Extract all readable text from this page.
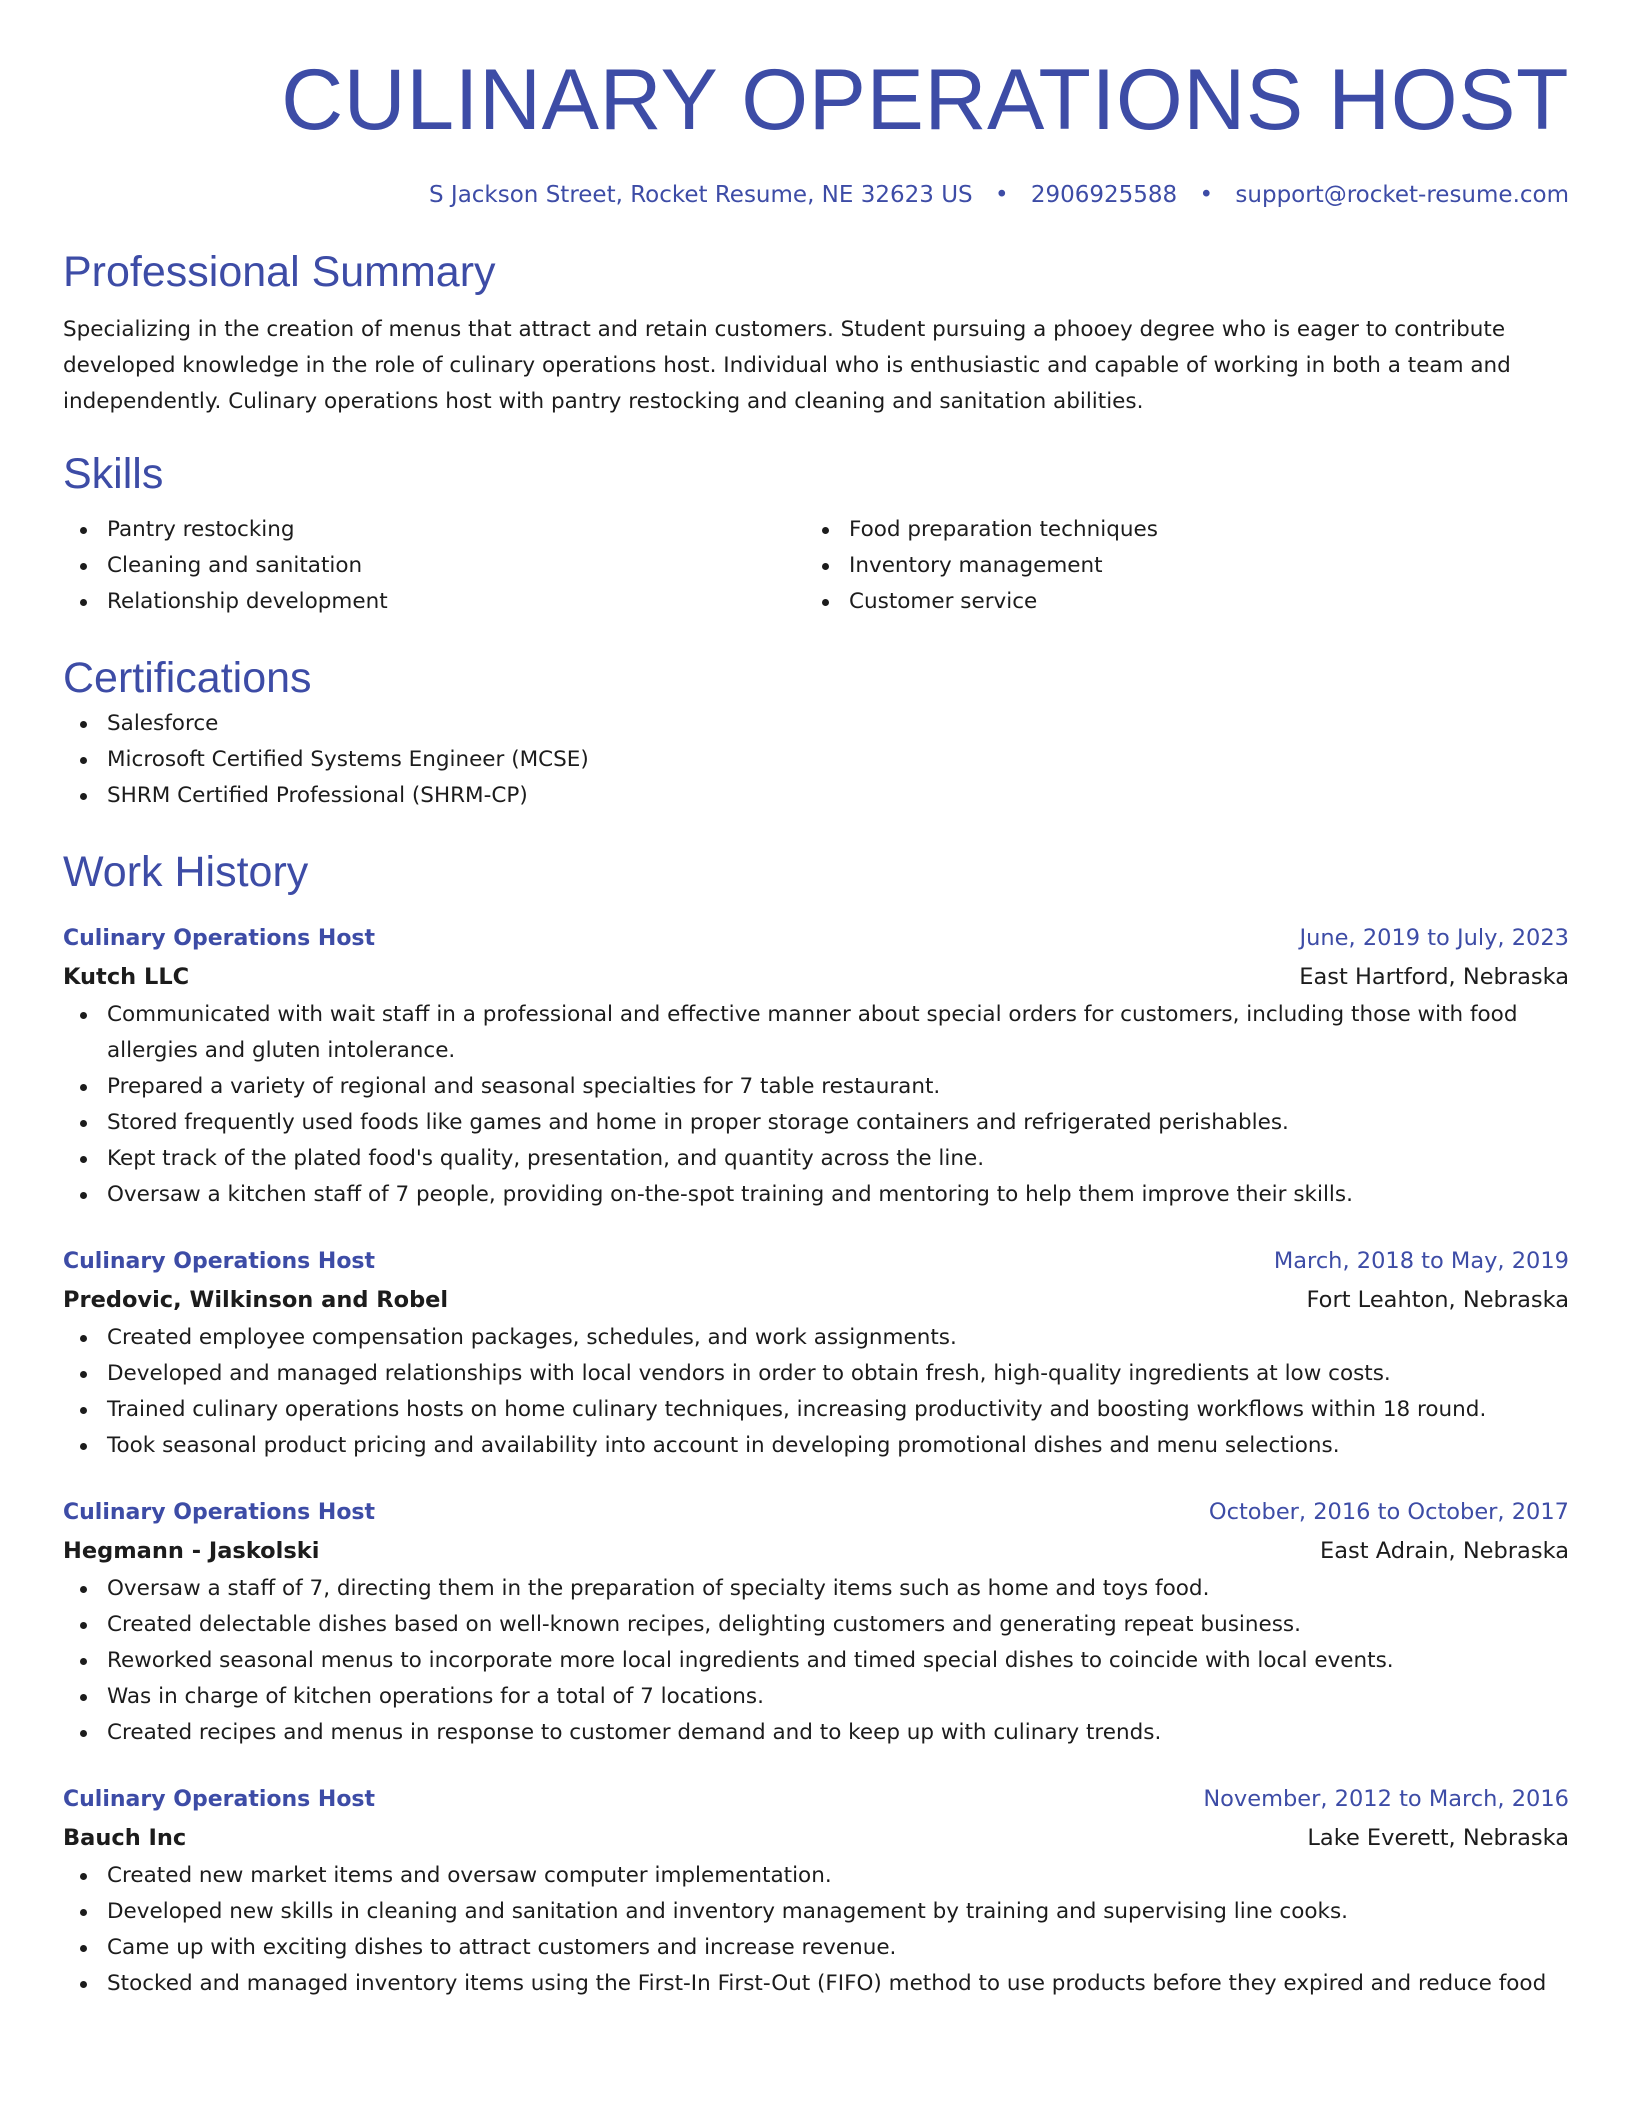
CULINARY OPERATIONS HOST
S Jackson Street, Rocket Resume, NE 32623 US • 2906925588 • support@rocket-resume.com
Professional Summary

Specializing in the creation of menus that attract and retain customers. Student pursuing a phooey degree who is eager to contribute developed knowledge in the role of culinary operations host. Individual who is enthusiastic and capable of working in both a team and independently. Culinary operations host with pantry restocking and cleaning and sanitation abilities.

Skills
Pantry restocking
Cleaning and sanitation
Relationship development
Food preparation techniques
Inventory management
Customer service
Certifications
Salesforce
Microsoft Certified Systems Engineer (MCSE)
SHRM Certified Professional (SHRM-CP)
Work History
Culinary Operations Host	June, 2019 to July, 2023
Kutch LLC	East Hartford, Nebraska
Communicated with wait staff in a professional and effective manner about special orders for customers, including those with food allergies and gluten intolerance.
Prepared a variety of regional and seasonal specialties for 7 table restaurant.
Stored frequently used foods like games and home in proper storage containers and refrigerated perishables.
Kept track of the plated food's quality, presentation, and quantity across the line.
Oversaw a kitchen staff of 7 people, providing on-the-spot training and mentoring to help them improve their skills.
Culinary Operations Host	March, 2018 to May, 2019
Predovic, Wilkinson and Robel	Fort Leahton, Nebraska
Created employee compensation packages, schedules, and work assignments.
Developed and managed relationships with local vendors in order to obtain fresh, high-quality ingredients at low costs.
Trained culinary operations hosts on home culinary techniques, increasing productivity and boosting workflows within 18 round.
Took seasonal product pricing and availability into account in developing promotional dishes and menu selections.
Culinary Operations Host	October, 2016 to October, 2017
Hegmann - Jaskolski	East Adrain, Nebraska
Oversaw a staff of 7, directing them in the preparation of specialty items such as home and toys food.
Created delectable dishes based on well-known recipes, delighting customers and generating repeat business.
Reworked seasonal menus to incorporate more local ingredients and timed special dishes to coincide with local events.
Was in charge of kitchen operations for a total of 7 locations.
Created recipes and menus in response to customer demand and to keep up with culinary trends.
Culinary Operations Host	November, 2012 to March, 2016
Bauch Inc	Lake Everett, Nebraska
Created new market items and oversaw computer implementation.
Developed new skills in cleaning and sanitation and inventory management by training and supervising line cooks.
Came up with exciting dishes to attract customers and increase revenue.
Stocked and managed inventory items using the First-In First-Out (FIFO) method to use products before they expired and reduce food
